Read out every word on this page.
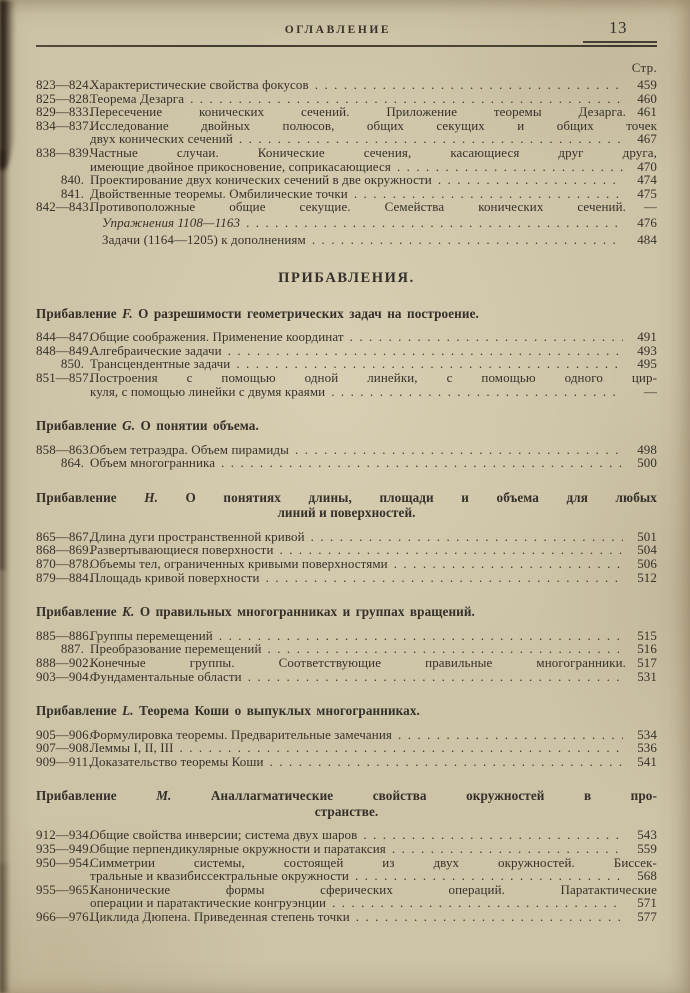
ОГЛАВЛЕНИЕ	13
Стр.
823—824.
Характеристические свойства фокусов . . .	459
825—828.
Теорема Дезарга . . .	460
829—833.
Пересечение конических сечений. Приложение теоремы Дезарга. 461
834—837.
Исследование двойных полюсов, общих секущих и общих точек
двух конических сечений . . .	467
838—839.
Частные случаи. Конические сечения, касающиеся друг друга,
имеющие двойное прикосновение, соприкасающиеся . . .	470
840. Проектирование двух конических сечений в две окружности . . .	474
841. Двойственные теоремы. Омбилические точки . . .	475
842—843.
Противоположные общие секущие. Семейства конических сечений.	—
Упражнения 1108—1163 . . .	476
Задачи (1164—1205) к дополнениям . . .	484
ПРИБАВЛЕНИЯ.
Прибавление F. О разрешимости геометрических задач на построение.
844—847.
Общие соображения. Применение координат . . .	491
848—849.
Алгебраические задачи . . .	493
850. Трансцендентные задачи . . .	495
851—857.
Построения с помощью одной линейки, с помощью одного цир-
куля, с помощью линейки с двумя краями . . .	—
Прибавление G. О понятии объема.
858—863.
Объем тетраэдра. Объем пирамиды . . .	498
864. Объем многогранника . . .	500
Прибавление H. О понятиях длины, площади и объема для любых
линий и поверхностей.
865—867.
Длина дуги пространственной кривой . . .	501
868—869.
Развертывающиеся поверхности . . .	504
870—878.
Объемы тел, ограниченных кривыми поверхностями . . .	506
879—884.
Площадь кривой поверхности . . .	512
Прибавление K. О правильных многогранниках и группах вращений.
885—886.
Группы перемещений . . .	515
887. Преобразование перемещений . . .	516
888—902.
Конечные группы. Соответствующие правильные многогранники. 517
903—904.
Фундаментальные области . . .	531
Прибавление L. Теорема Коши о выпуклых многогранниках.
905—906.
Формулировка теоремы. Предварительные замечания . . .	534
907—908.
Леммы I, II, III . . .	536
909—911.
Доказательство теоремы Коши . . .	541
Прибавление M. Аналлагматические свойства окружностей в про-
странстве.
912—934.
Общие свойства инверсии; система двух шаров . . .	543
935—949.
Общие перпендикулярные окружности и паратаксия . . .	559
950—954.
Симметрии системы, состоящей из двух окружностей. Биссек-
тральные и квазибиссектральные окружности . . .	568
955—965.
Канонические формы сферических операций. Паратактические
операции и паратактические конгруэнции . . .	571
966—976.
Циклида Дюпена. Приведенная степень точки . . .	577
